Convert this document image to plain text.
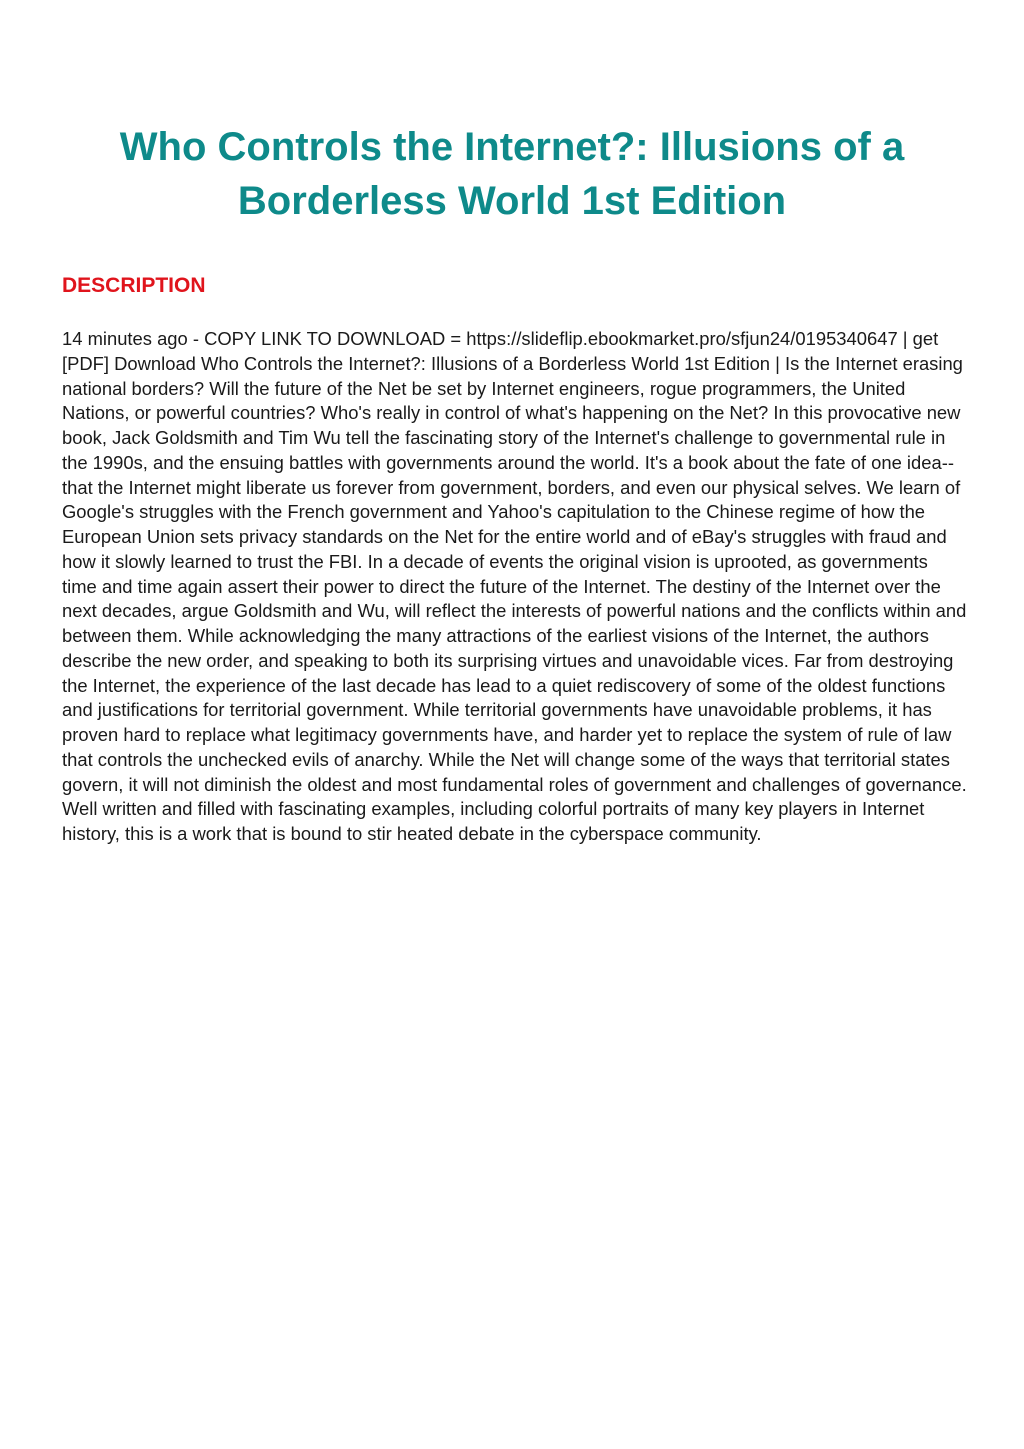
Who Controls the Internet?: Illusions of a Borderless World 1st Edition
DESCRIPTION

14 minutes ago - COPY LINK TO DOWNLOAD = https://slideflip.ebookmarket.pro/sfjun24/0195340647 | get [PDF] Download Who Controls the Internet?: Illusions of a Borderless World 1st Edition | Is the Internet erasing national borders? Will the future of the Net be set by Internet engineers, rogue programmers, the United Nations, or powerful countries? Who's really in control of what's happening on the Net? In this provocative new book, Jack Goldsmith and Tim Wu tell the fascinating story of the Internet's challenge to governmental rule in the 1990s, and the ensuing battles with governments around the world. It's a book about the fate of one idea--that the Internet might liberate us forever from government, borders, and even our physical selves. We learn of Google's struggles with the French government and Yahoo's capitulation to the Chinese regime of how the European Union sets privacy standards on the Net for the entire world and of eBay's struggles with fraud and how it slowly learned to trust the FBI. In a decade of events the original vision is uprooted, as governments time and time again assert their power to direct the future of the Internet. The destiny of the Internet over the next decades, argue Goldsmith and Wu, will reflect the interests of powerful nations and the conflicts within and between them. While acknowledging the many attractions of the earliest visions of the Internet, the authors describe the new order, and speaking to both its surprising virtues and unavoidable vices. Far from destroying the Internet, the experience of the last decade has lead to a quiet rediscovery of some of the oldest functions and justifications for territorial government. While territorial governments have unavoidable problems, it has proven hard to replace what legitimacy governments have, and harder yet to replace the system of rule of law that controls the unchecked evils of anarchy. While the Net will change some of the ways that territorial states govern, it will not diminish the oldest and most fundamental roles of government and challenges of governance. Well written and filled with fascinating examples, including colorful portraits of many key players in Internet history, this is a work that is bound to stir heated debate in the cyberspace community.
